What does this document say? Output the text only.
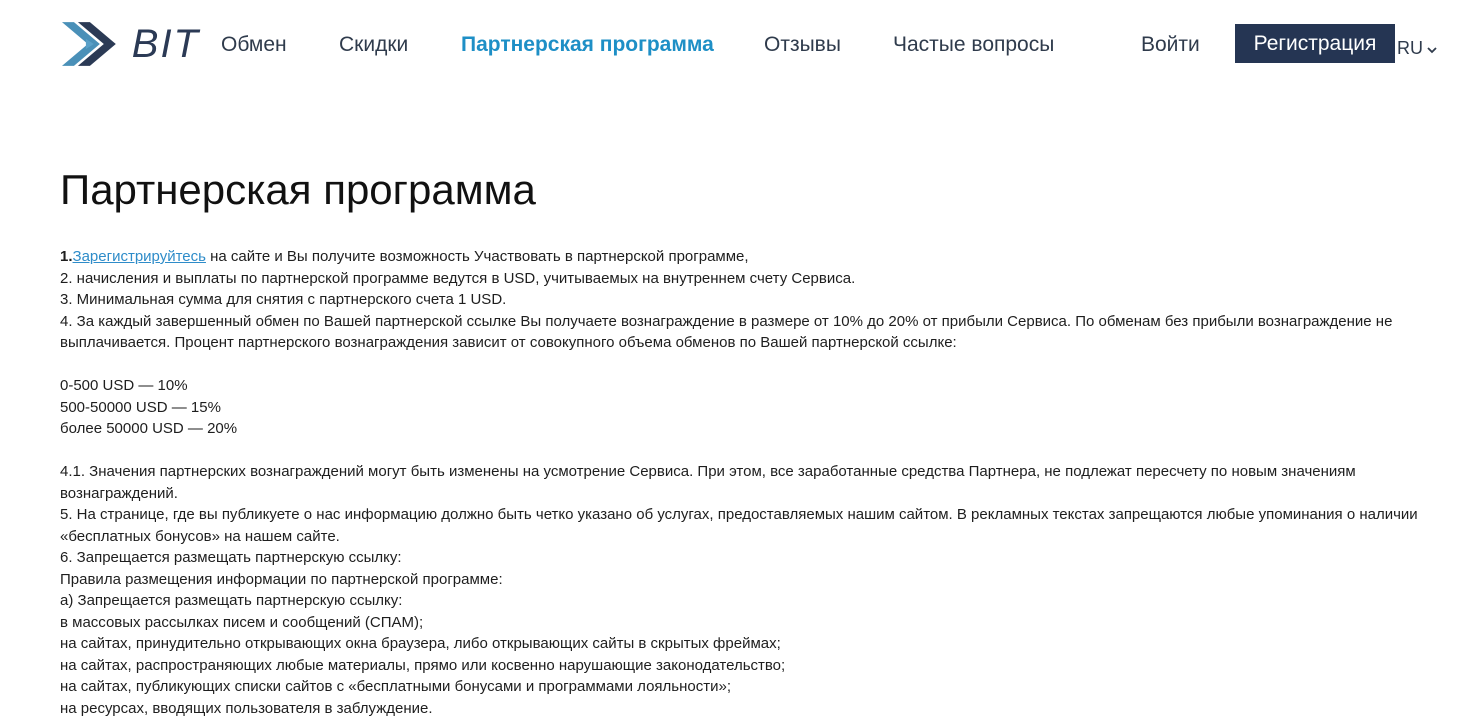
BIT Обмен Скидки	Партнерская программа Отзывы Частые вопросы	Войти	Регистрация	RU
Партнерская программа

1.Зарегистрируйтесь на сайте и Вы получите возможность Участвовать в партнерской программе,

2. начисления и выплаты по партнерской программе ведутся в USD, учитываемых на внутреннем счету Сервиса.

3. Минимальная сумма для снятия с партнерского счета 1 USD.

4. За каждый завершенный обмен по Вашей партнерской ссылке Вы получаете вознаграждение в размере от 10% до 20% от прибыли Сервиса. По обменам без прибыли вознаграждение не выплачивается. Процент партнерского вознаграждения зависит от совокупного объема обменов по Вашей партнерской ссылке:

0-500 USD — 10%

500-50000 USD — 15%

более 50000 USD — 20%

4.1. Значения партнерских вознаграждений могут быть изменены на усмотрение Сервиса. При этом, все заработанные средства Партнера, не подлежат пересчету по новым значениям вознаграждений.

5. На странице, где вы публикуете о нас информацию должно быть четко указано об услугах, предоставляемых нашим сайтом. В рекламных текстах запрещаются любые упоминания о наличии «бесплатных бонусов» на нашем сайте.

6. Запрещается размещать партнерскую ссылку:

Правила размещения информации по партнерской программе:

а) Запрещается размещать партнерскую ссылку:

в массовых рассылках писем и сообщений (СПАМ);

на сайтах, принудительно открывающих окна браузера, либо открывающих сайты в скрытых фреймах;

на сайтах, распространяющих любые материалы, прямо или косвенно нарушающие законодательство;

на сайтах, публикующих списки сайтов с «бесплатными бонусами и программами лояльности»;

на ресурсах, вводящих пользователя в заблуждение.
